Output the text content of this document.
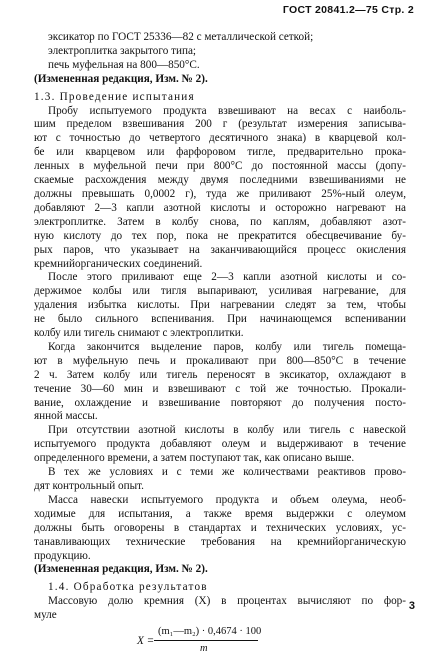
ГОСТ 20841.2—75 Стр. 2
эксикатор по ГОСТ 25336—82 с металлической сеткой;
электроплитка закрытого типа;
печь муфельная на 800—850°C.
(Измененная редакция, Изм. № 2).
1.3. Проведение испытания
Пробу испытуемого продукта взвешивают на весах с наиболь-
шим пределом взвешивания 200 г (результат измерения записыва-
ют с точностью до четвертого десятичного знака) в кварцевой кол-
бе или кварцевом или фарфоровом тигле, предварительно прока-
ленных в муфельной печи при 800°C до постоянной массы (допу-
скаемые расхождения между двумя последними взвешиваниями не
должны превышать 0,0002 г), туда же приливают 25%-ный олеум,
добавляют 2—3 капли азотной кислоты и осторожно нагревают на
электроплитке. Затем в колбу снова, по каплям, добавляют азот-
ную кислоту до тех пор, пока не прекратится обесцвечивание бу-
рых паров, что указывает на заканчивающийся процесс окисления
кремнийорганических соединений.
После этого приливают еще 2—3 капли азотной кислоты и со-
держимое колбы или тигля выпаривают, усиливая нагревание, для
удаления избытка кислоты. При нагревании следят за тем, чтобы
не было сильного вспенивания. При начинающемся вспенивании
колбу или тигель снимают с электроплитки.
Когда закончится выделение паров, колбу или тигель помеща-
ют в муфельную печь и прокаливают при 800—850°C в течение
2 ч. Затем колбу или тигель переносят в эксикатор, охлаждают в
течение 30—60 мин и взвешивают с той же точностью. Прокали-
вание, охлаждение и взвешивание повторяют до получения посто-
янной массы.
При отсутствии азотной кислоты в колбу или тигель с навеской
испытуемого продукта добавляют олеум и выдерживают в течение
определенного времени, а затем поступают так, как описано выше.
В тех же условиях и с теми же количествами реактивов прово-
дят контрольный опыт.
Масса навески испытуемого продукта и объем олеума, необ-
ходимые для испытания, а также время выдержки с олеумом
должны быть оговорены в стандартах и технических условиях, ус-
танавливающих технические требования на кремнийорганическую
продукцию.
(Измененная редакция, Изм. № 2).
1.4. Обработка результатов
Массовую долю кремния (X) в процентах вычисляют по фор-
муле
X =
(m₁—m₂) · 0,4674 · 100
m
3
